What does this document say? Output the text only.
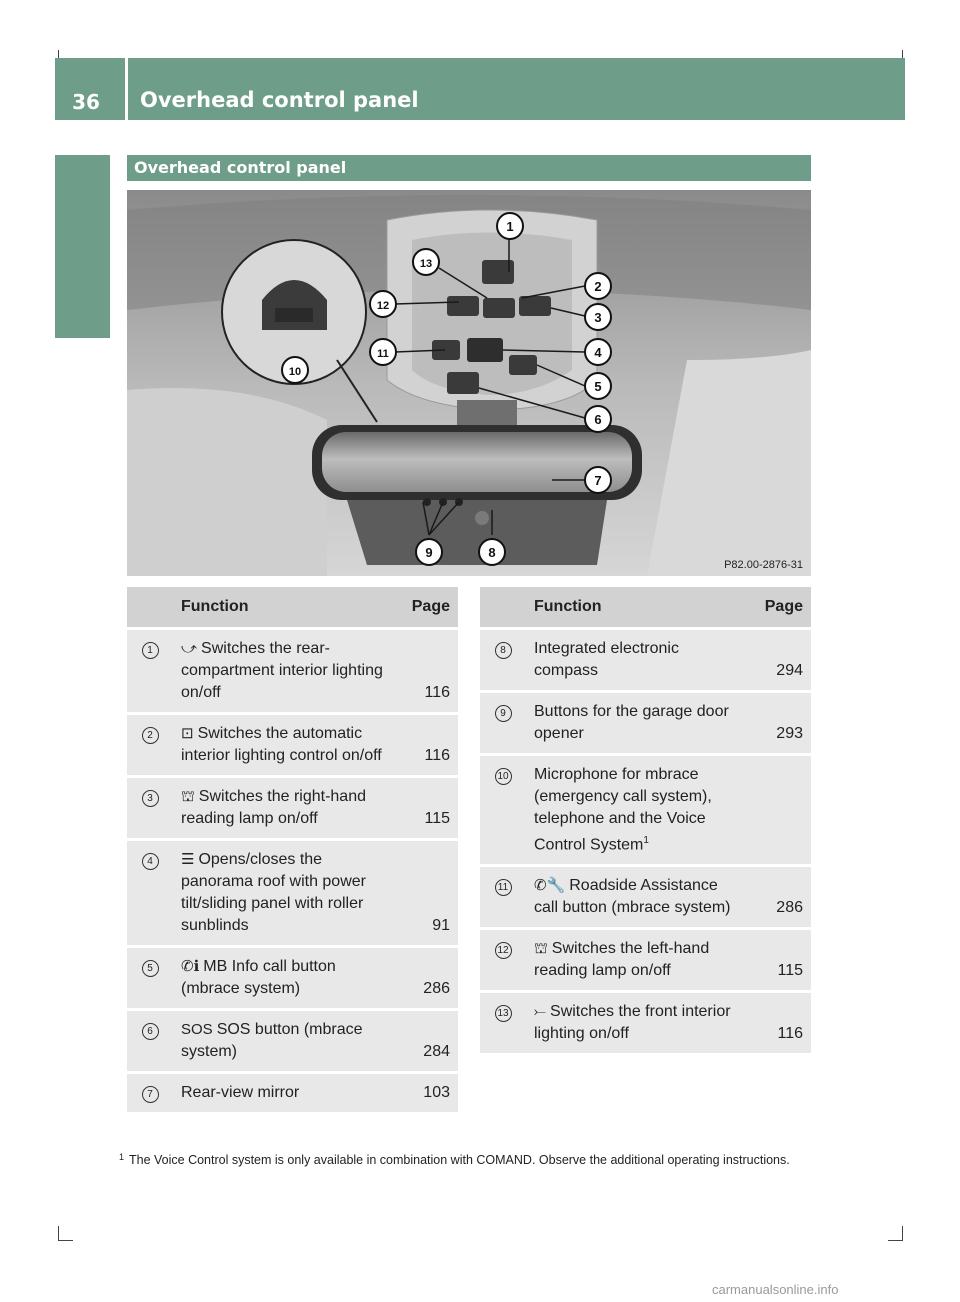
36	Overhead control panel
At a glance
Overhead control panel
1
2
3
4
5
6
7
8
9
10
11
12
13
P82.00-2876-31
	Function	Page
1	⤻ Switches the rear-compartment interior lighting on/off	116
2	⊡ Switches the automatic interior lighting control on/off	116
3	⛫ Switches the right-hand reading lamp on/off	115
4	☰ Opens/closes the panorama roof with power tilt/sliding panel with roller sunblinds	91
5	✆ℹ MB Info call button (mbrace system)	286
6	SOS SOS button (mbrace system)	284
7	Rear-view mirror	103
	Function	Page
8	Integrated electronic compass	294
9	Buttons for the garage door opener	293
10	Microphone for mbrace (emergency call system), telephone and the Voice Control System$^1$	
11	✆🔧 Roadside Assistance call button (mbrace system)	286
12	⛫ Switches the left-hand reading lamp on/off	115
13	⤚ Switches the front interior lighting on/off	116
1 The Voice Control system is only available in combination with COMAND. Observe the additional operating instructions.
carmanualsonline.info
